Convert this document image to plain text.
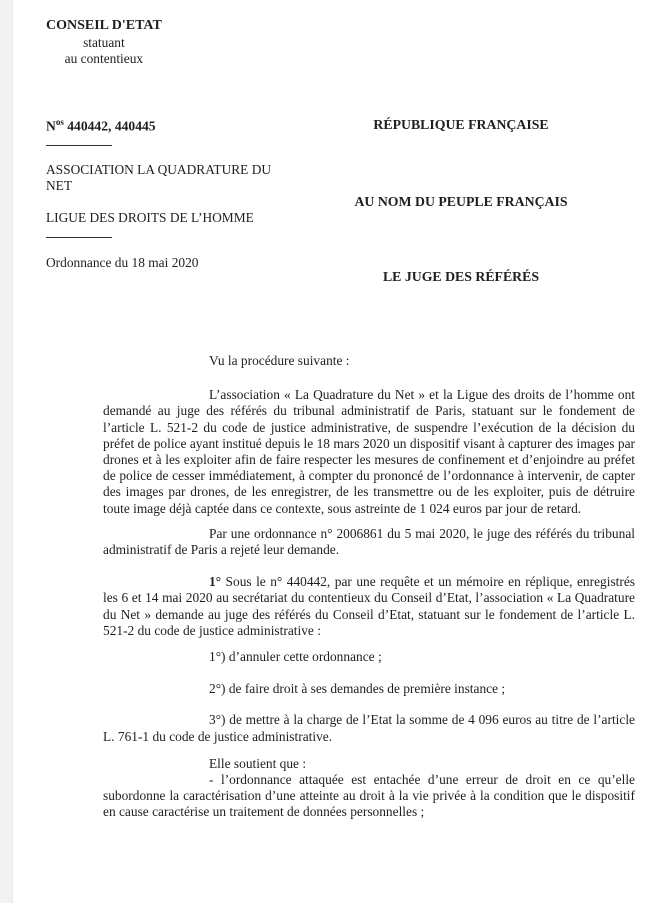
CONSEIL D'ETAT
statuant
au contentieux
$N^{os}$ 440442, 440445
ASSOCIATION LA QUADRATURE DU NET
LIGUE DES DROITS DE L’HOMME
Ordonnance du 18 mai 2020
RÉPUBLIQUE FRANÇAISE
AU NOM DU PEUPLE FRANÇAIS
LE JUGE DES RÉFÉRÉS

Vu la procédure suivante :

L’association « La Quadrature du Net » et la Ligue des droits de l’homme ont demandé au juge des référés du tribunal administratif de Paris, statuant sur le fondement de l’article L. 521-2 du code de justice administrative, de suspendre l’exécution de la décision du préfet de police ayant institué depuis le 18 mars 2020 un dispositif visant à capturer des images par drones et à les exploiter afin de faire respecter les mesures de confinement et d’enjoindre au préfet de police de cesser immédiatement, à compter du prononcé de l’ordonnance à intervenir, de capter des images par drones, de les enregistrer, de les transmettre ou de les exploiter, puis de détruire toute image déjà captée dans ce contexte, sous astreinte de 1 024 euros par jour de retard.

Par une ordonnance n° 2006861 du 5 mai 2020, le juge des référés du tribunal administratif de Paris a rejeté leur demande.

1° Sous le n° 440442, par une requête et un mémoire en réplique, enregistrés les 6 et 14 mai 2020 au secrétariat du contentieux du Conseil d’Etat, l’association « La Quadrature du Net » demande au juge des référés du Conseil d’Etat, statuant sur le fondement de l’article L. 521-2 du code de justice administrative :

1°) d’annuler cette ordonnance ;

2°) de faire droit à ses demandes de première instance ;

3°) de mettre à la charge de l’Etat la somme de 4 096 euros au titre de l’article L. 761-1 du code de justice administrative.

Elle soutient que :

- l’ordonnance attaquée est entachée d’une erreur de droit en ce qu’elle subordonne la caractérisation d’une atteinte au droit à la vie privée à la condition que le dispositif en cause caractérise un traitement de données personnelles ;
